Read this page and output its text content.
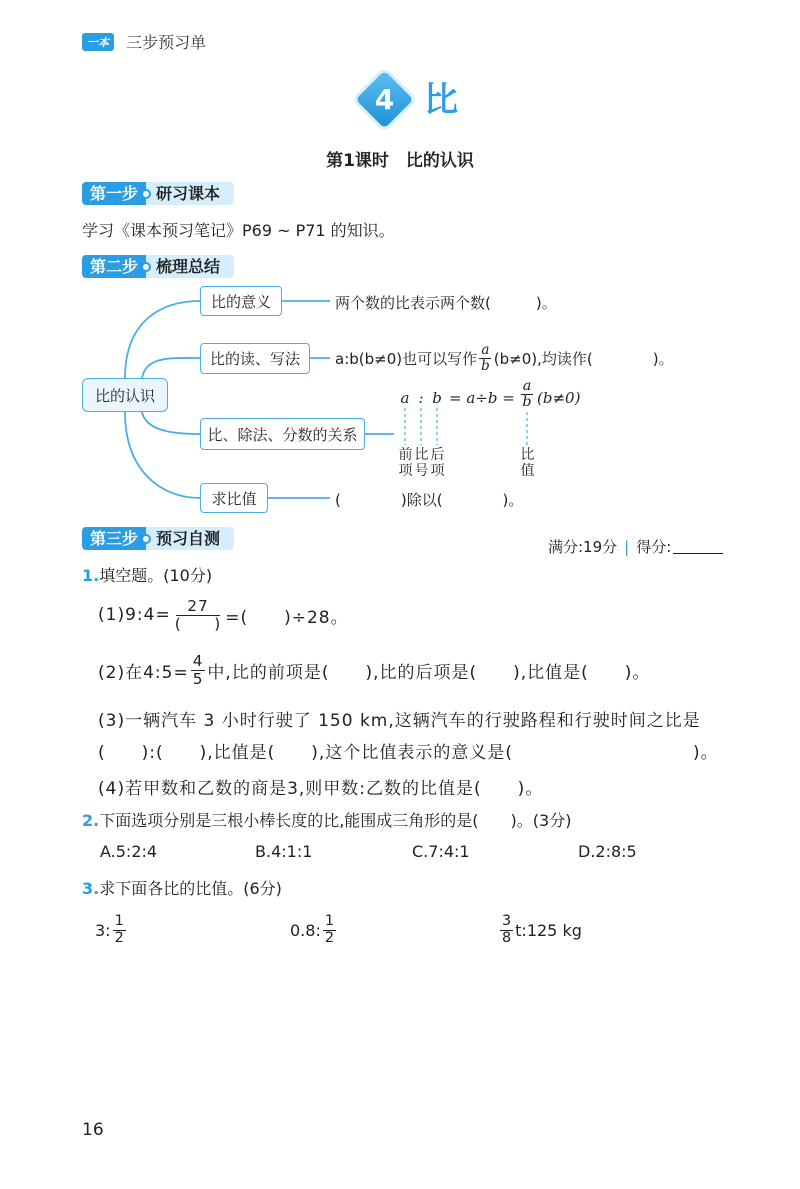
一本 三步预习单
4 比
第1课时　比的认识
第一步	研习课本
学习《课本预习笔记》P69 ~ P71 的知识。
第二步	梳理总结
比的认识
比的意义
比的读、写法
比、除法、分数的关系
求比值
两个数的比表示两个数(　　　)。
a:b(b≠0)也可以写作 $\frac{a}{b} (b\ne 0)$,均读作(　　　　)。
a : $b = a\div b = \frac{a}{b} (b\ne 0)$
前项
比号
后项
比值
(　　　　)除以(　　　　)。
第三步	预习自测	满分:19分 | 得分:
1.填空题。(10分)
(1)9:4= $\frac{27}{( )}$ =(　　)÷28。
(2)在4:5= $\frac{4}{5}$ 中,比的前项是(　　),比的后项是(　　),比值是(　　)。
(3)一辆汽车 3 小时行驶了 150 km,这辆汽车的行驶路程和行驶时间之比是
(　　):(　　),比值是(　　),这个比值表示的意义是(　　　　　　　　　　)。
(4)若甲数和乙数的商是3,则甲数:乙数的比值是(　　)。
2.下面选项分别是三根小棒长度的比,能围成三角形的是(　　)。(3分)
A.5:2:4	B.4:1:1	C.7:4:1	D.2:8:5
3.求下面各比的比值。(6分)
3: $\frac{1}{2}$	0.8: $\frac{1}{2}$	$\frac{3}{8}$ t:125 kg
16
